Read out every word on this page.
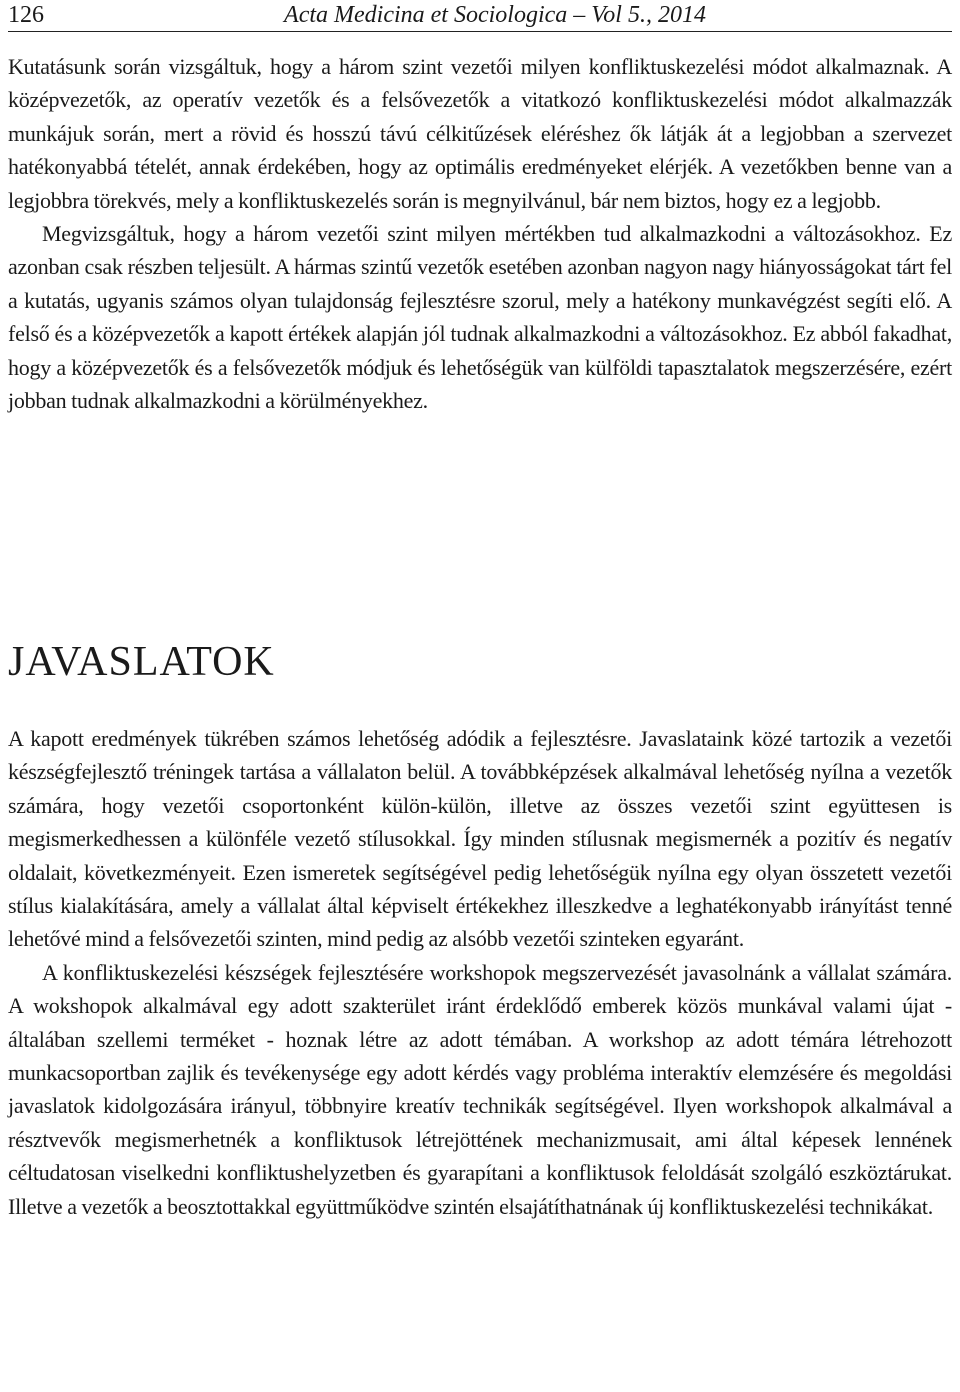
126	Acta Medicina et Sociologica – Vol 5., 2014

Kutatásunk során vizsgáltuk, hogy a három szint vezetői milyen konfliktuskezelési módot alkalmaznak. A középvezetők, az operatív vezetők és a felsővezetők a vitatkozó konfliktuskezelési módot alkalmazzák munkájuk során, mert a rövid és hosszú távú célkitűzések eléréshez ők látják át a legjobban a szervezet hatékonyabbá tételét, annak érdekében, hogy az optimális eredményeket elérjék. A vezetőkben benne van a legjobbra törekvés, mely a konfliktuskezelés során is megnyilvánul, bár nem biztos, hogy ez a legjobb.

Megvizsgáltuk, hogy a három vezetői szint milyen mértékben tud alkalmazkodni a változásokhoz. Ez azonban csak részben teljesült. A hármas szintű vezetők esetében azonban nagyon nagy hiányosságokat tárt fel a kutatás, ugyanis számos olyan tulajdonság fejlesztésre szorul, mely a hatékony munkavégzést segíti elő. A felső és a középvezetők a kapott értékek alapján jól tudnak alkalmazkodni a változásokhoz. Ez abból fakadhat, hogy a középvezetők és a felsővezetők módjuk és lehetőségük van külföldi tapasztalatok megszerzésére, ezért jobban tudnak alkalmazkodni a körülményekhez.

JAVASLATOK

A kapott eredmények tükrében számos lehetőség adódik a fejlesztésre. Javaslataink közé tartozik a vezetői készségfejlesztő tréningek tartása a vállalaton belül. A továbbképzések alkalmával lehetőség nyílna a vezetők számára, hogy vezetői csoportonként külön-külön, illetve az összes vezetői szint együttesen is megismerkedhessen a különféle vezető stílusokkal. Így minden stílusnak megismernék a pozitív és negatív oldalait, következményeit. Ezen ismeretek segítségével pedig lehetőségük nyílna egy olyan összetett vezetői stílus kialakítására, amely a vállalat által képviselt értékekhez illeszkedve a leghatékonyabb irányítást tenné lehetővé mind a felsővezetői szinten, mind pedig az alsóbb vezetői szinteken egyaránt.

A konfliktuskezelési készségek fejlesztésére workshopok megszervezését javasolnánk a vállalat számára. A wokshopok alkalmával egy adott szakterület iránt érdeklődő emberek közös munkával valami újat - általában szellemi terméket - hoznak létre az adott témában. A workshop az adott témára létrehozott munkacsoportban zajlik és tevékenysége egy adott kérdés vagy probléma interaktív elemzésére és megoldási javaslatok kidolgozására irányul, többnyire kreatív technikák segítségével. Ilyen workshopok alkalmával a résztvevők megismerhetnék a konfliktusok létrejöttének mechanizmusait, ami által képesek lennének céltudatosan viselkedni konfliktushelyzetben és gyarapítani a konfliktusok feloldását szolgáló eszköztárukat. Illetve a vezetők a beosztottakkal együttműködve szintén elsajátíthatnának új konfliktuskezelési technikákat.
